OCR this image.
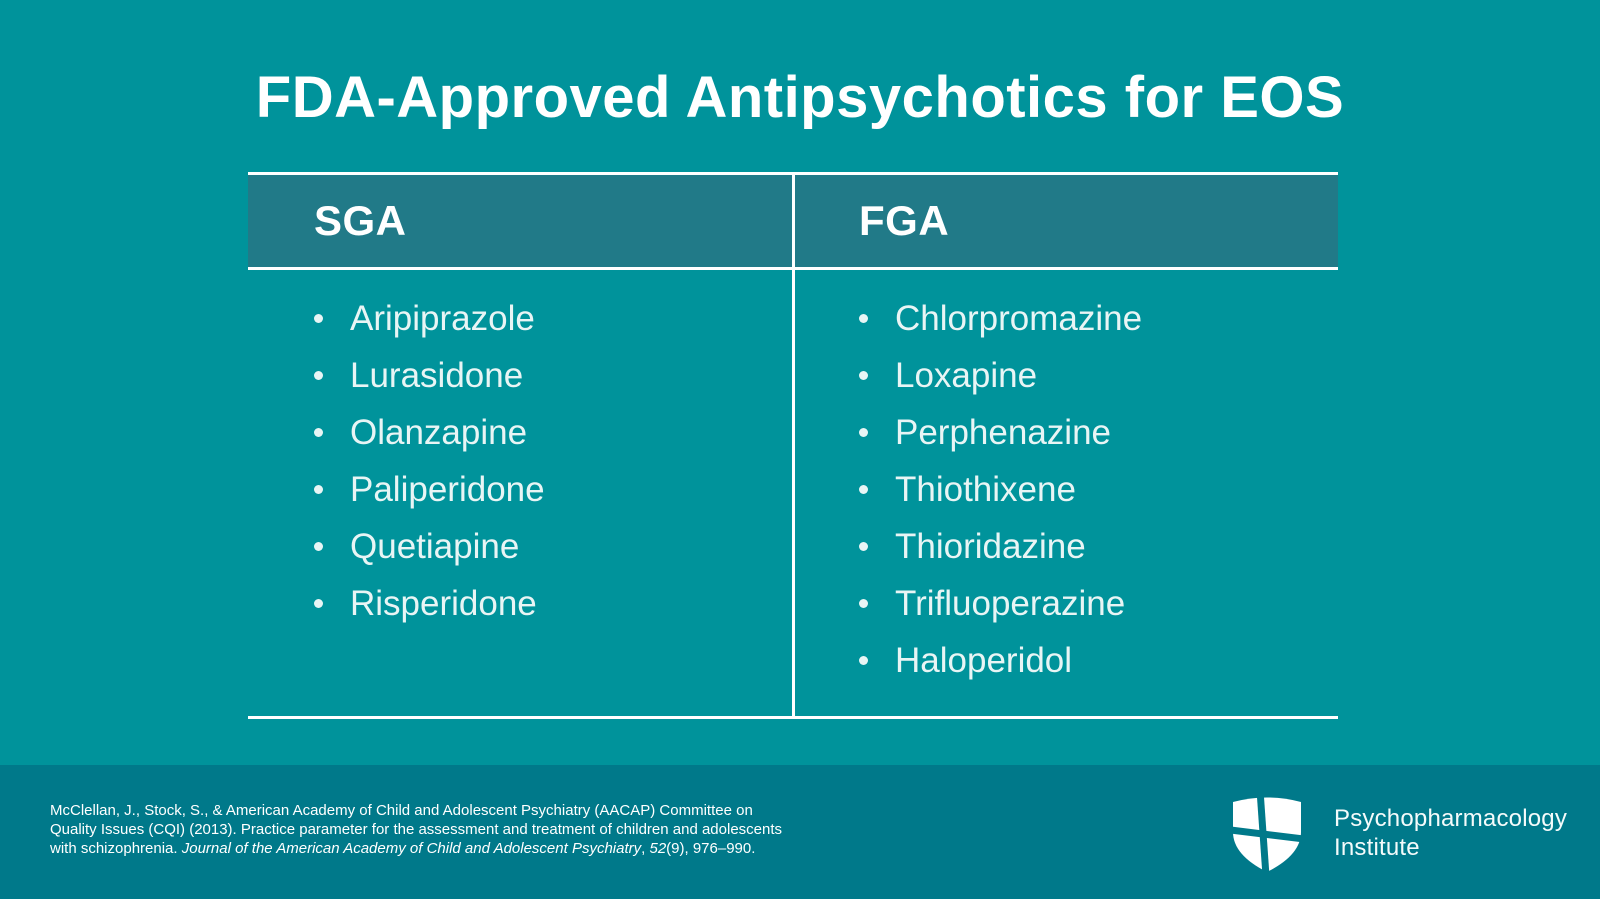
FDA-Approved Antipsychotics for EOS
SGA	FGA
Aripiprazole
Lurasidone
Olanzapine
Paliperidone
Quetiapine
Risperidone
Chlorpromazine
Loxapine
Perphenazine
Thiothixene
Thioridazine
Trifluoperazine
Haloperidol
McClellan, J., Stock, S., & American Academy of Child and Adolescent Psychiatry (AACAP) Committee on
Quality Issues (CQI) (2013). Practice parameter for the assessment and treatment of children and adolescents
with schizophrenia. Journal of the American Academy of Child and Adolescent Psychiatry, 52(9), 976–990.
Psychopharmacology
Institute
